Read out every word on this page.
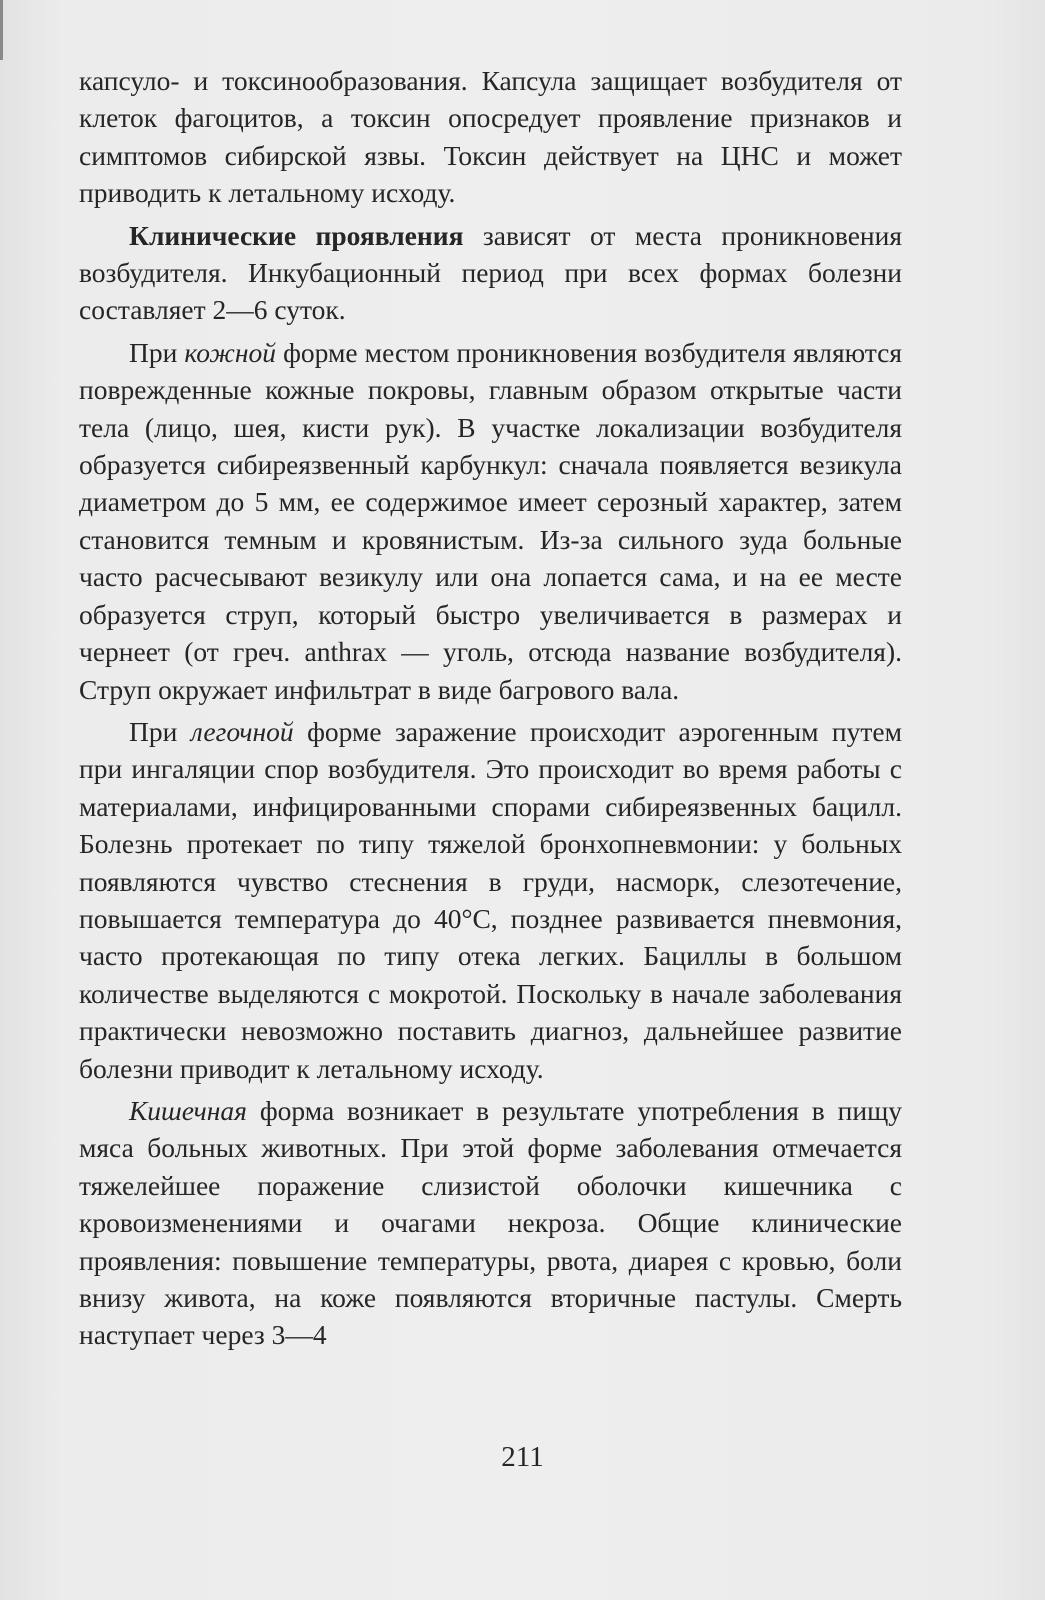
капсуло- и токсинообразования. Капсула защищает возбудителя от клеток фагоцитов, а токсин опосредует проявление признаков и симптомов сибирской язвы. Токсин действует на ЦНС и может приводить к летальному исходу.

Клинические проявления зависят от места проникновения возбудителя. Инкубационный период при всех формах болезни составляет 2—6 суток.

При кожной форме местом проникновения возбудителя являются поврежденные кожные покровы, главным образом открытые части тела (лицо, шея, кисти рук). В участке локализации возбудителя образуется сибиреязвенный карбункул: сначала появляется везикула диаметром до 5 мм, ее содержимое имеет серозный характер, затем становится темным и кровянистым. Из-за сильного зуда больные часто расчесывают везикулу или она лопается сама, и на ее месте образуется струп, который быстро увеличивается в размерах и чернеет (от греч. anthrax — уголь, отсюда название возбудителя). Струп окружает инфильтрат в виде багрового вала.

При легочной форме заражение происходит аэрогенным путем при ингаляции спор возбудителя. Это происходит во время работы с материалами, инфицированными спорами сибиреязвенных бацилл. Болезнь протекает по типу тяжелой бронхопневмонии: у больных появляются чувство стеснения в груди, насморк, слезотечение, повышается температура до 40°С, позднее развивается пневмония, часто протекающая по типу отека легких. Бациллы в большом количестве выделяются с мокротой. Поскольку в начале заболевания практически невозможно поставить диагноз, дальнейшее развитие болезни приводит к летальному исходу.

Кишечная форма возникает в результате употребления в пищу мяса больных животных. При этой форме заболевания отмечается тяжелейшее поражение слизистой оболочки кишечника с кровоизменениями и очагами некроза. Общие клинические проявления: повышение температуры, рвота, диарея с кровью, боли внизу живота, на коже появляются вторичные пастулы. Смерть наступает через 3—4

211
